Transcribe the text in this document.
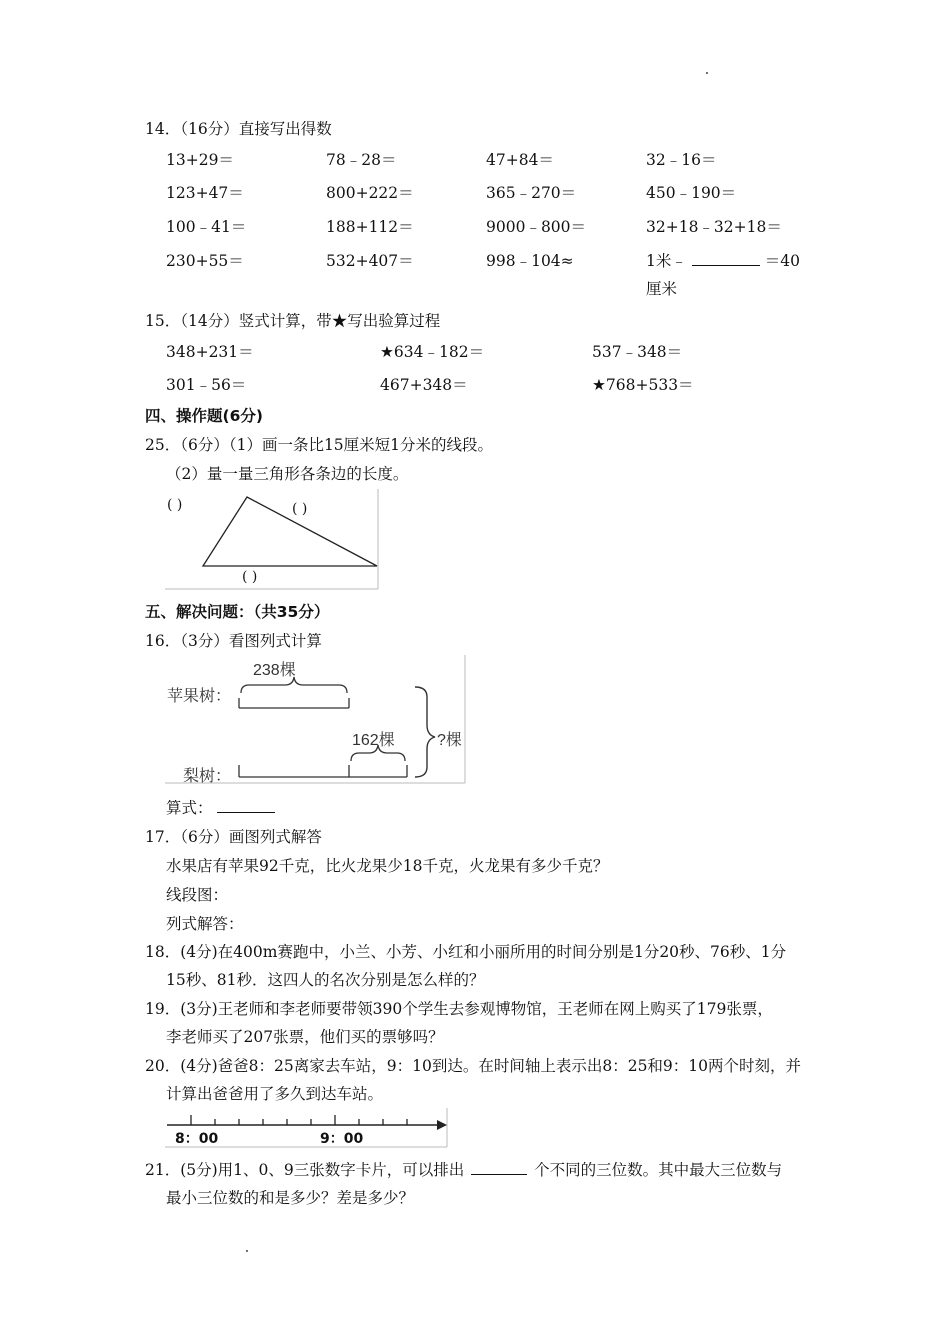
14．（16分）直接写出得数
13+29＝	78﹣28＝	47+84＝	32﹣16＝
123+47＝	800+222＝	365﹣270＝	450﹣190＝
100﹣41＝	188+112＝	9000﹣800＝	32+18﹣32+18＝
230+55＝	532+407＝	998﹣104≈	1米﹣	＝40
厘米
15．（14分）竖式计算，带★写出验算过程
348+231＝	★634﹣182＝	537﹣348＝
301﹣56＝	467+348＝	★768+533＝
四、操作题(6分)
25．（6分）（1）画一条比15厘米短1分米的线段。
（2）量一量三角形各条边的长度。
( )	( )
( )
五、解决问题：（共35分）
16．（3分）看图列式计算
苹果树：
梨树：
238棵
162棵	?棵
算式：
17．（6分）画图列式解答
水果店有苹果92千克，比火龙果少18千克，火龙果有多少千克？
线段图：
列式解答：
18．(4分)在400m赛跑中，小兰、小芳、小红和小丽所用的时间分别是1分20秒、76秒、1分
15秒、81秒．这四人的名次分别是怎么样的？
19．(3分)王老师和李老师要带领390个学生去参观博物馆，王老师在网上购买了179张票，
李老师买了207张票，他们买的票够吗？
20．(4分)爸爸8：25离家去车站，9：10到达。在时间轴上表示出8：25和9：10两个时刻，并
计算出爸爸用了多久到达车站。
8：00	9：00
21．(5分)用1、0、9三张数字卡片，可以排出	个不同的三位数。其中最大三位数与
最小三位数的和是多少？差是多少？
